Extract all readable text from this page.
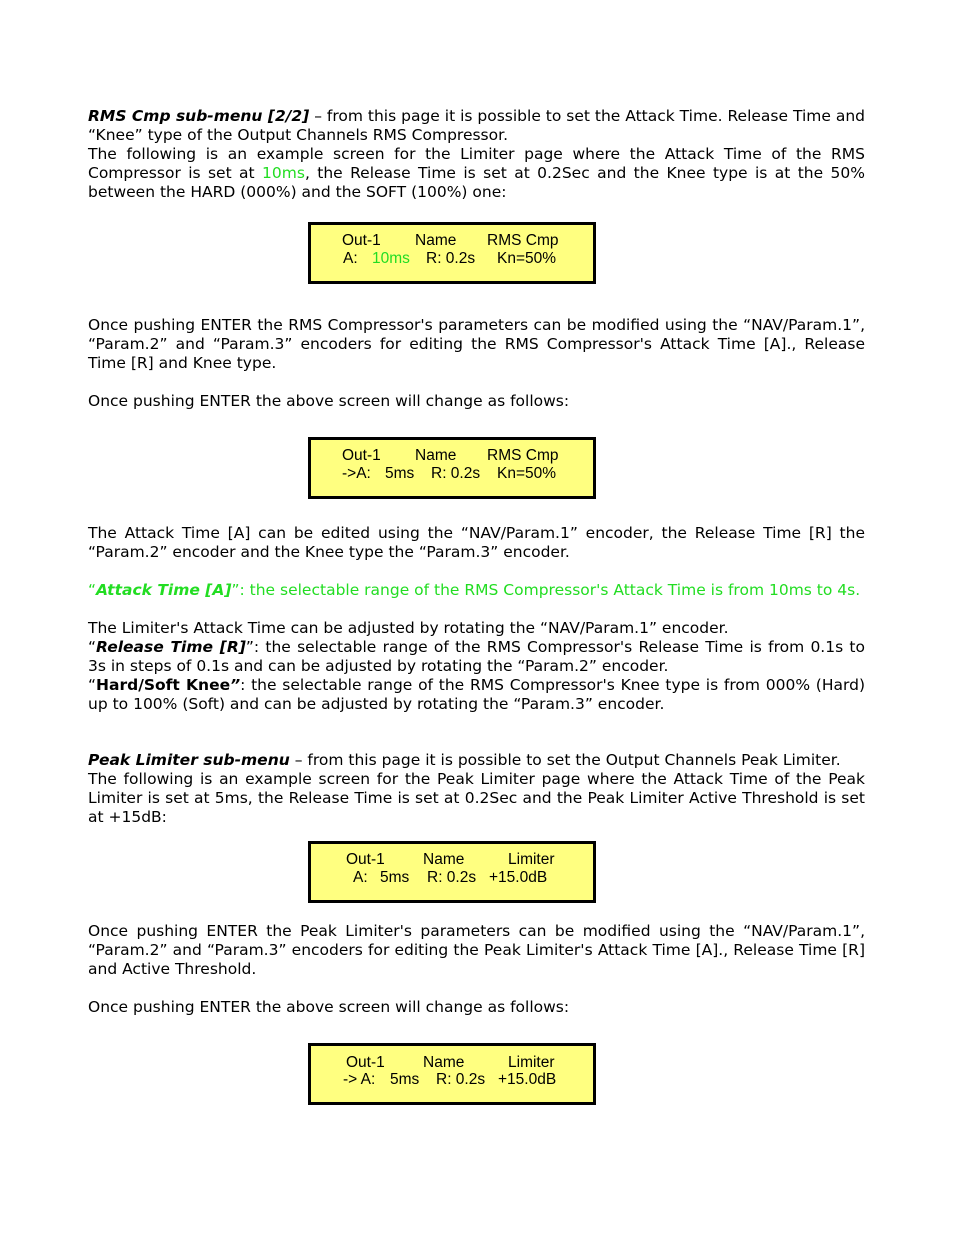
RMS Cmp sub-menu [2/2] – from this page it is possible to set the Attack Time. Release Time and “Knee” type of the Output Channels RMS Compressor.

The following is an example screen for the Limiter page where the Attack Time of the RMS Compressor is set at 10ms, the Release Time is set at 0.2Sec and the Knee type is at the 50% between the HARD (000%) and the SOFT (100%) one:

Out-1 Name RMS Cmp
A: 10ms R: 0.2s Kn=50%

Once pushing ENTER the RMS Compressor's parameters can be modified using the “NAV/Param.1”, “Param.2” and “Param.3” encoders for editing the RMS Compressor's Attack Time [A]., Release Time [R] and Knee type.

Once pushing ENTER the above screen will change as follows:

Out-1 Name RMS Cmp
->A: 5ms R: 0.2s Kn=50%

The Attack Time [A] can be edited using the “NAV/Param.1” encoder, the Release Time [R] the “Param.2” encoder and the Knee type the “Param.3” encoder.

“Attack Time [A]”: the selectable range of the RMS Compressor's Attack Time is from 10ms to 4s.

The Limiter's Attack Time can be adjusted by rotating the “NAV/Param.1” encoder.

“Release Time [R]”: the selectable range of the RMS Compressor's Release Time is from 0.1s to 3s in steps of 0.1s and can be adjusted by rotating the “Param.2” encoder.

“Hard/Soft Knee”: the selectable range of the RMS Compressor's Knee type is from 000% (Hard) up to 100% (Soft) and can be adjusted by rotating the “Param.3” encoder.

Peak Limiter sub-menu – from this page it is possible to set the Output Channels Peak Limiter.

The following is an example screen for the Peak Limiter page where the Attack Time of the Peak Limiter is set at 5ms, the Release Time is set at 0.2Sec and the Peak Limiter Active Threshold is set at +15dB:

Out-1 Name	Limiter
A: 5ms R: 0.2s +15.0dB

Once pushing ENTER the Peak Limiter's parameters can be modified using the “NAV/Param.1”, “Param.2” and “Param.3” encoders for editing the Peak Limiter's Attack Time [A]., Release Time [R] and Active Threshold.

Once pushing ENTER the above screen will change as follows:

Out-1 Name	Limiter
-> A: 5ms R: 0.2s +15.0dB
